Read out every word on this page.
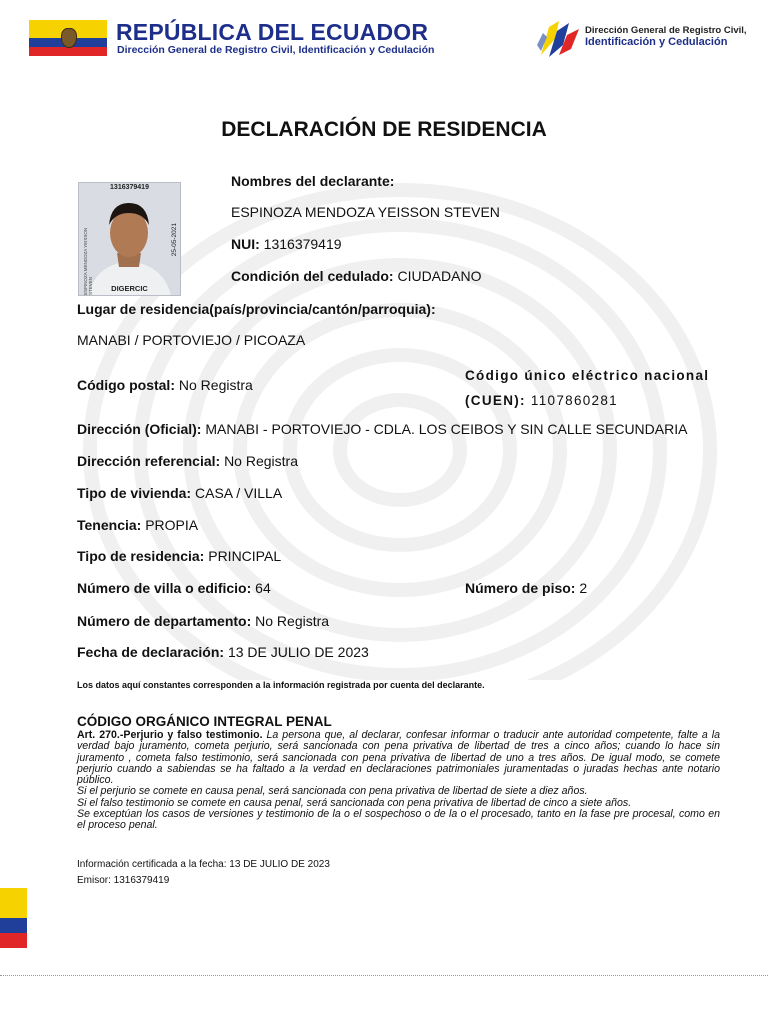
REPÚBLICA DEL ECUADOR
Dirección General de Registro Civil, Identificación y Cedulación
Dirección General de Registro Civil,
Identificación y Cedulación
DECLARACIÓN DE RESIDENCIA
1316379419
ESPINOZA MENDOZA YEISSON STEVEN
25-05-2021
DIGERCIC
Nombres del declarante:
ESPINOZA MENDOZA YEISSON STEVEN
NUI: 1316379419
Condición del cedulado: CIUDADANO
Lugar de residencia(país/provincia/cantón/parroquia):
MANABI / PORTOVIEJO / PICOAZA
Código postal: No Registra
Código único eléctrico nacional (CUEN): 1107860281
Dirección (Oficial): MANABI - PORTOVIEJO - CDLA. LOS CEIBOS Y SIN CALLE SECUNDARIA
Dirección referencial: No Registra
Tipo de vivienda: CASA / VILLA
Tenencia: PROPIA
Tipo de residencia: PRINCIPAL
Número de villa o edificio: 64	Número de piso: 2
Número de departamento: No Registra
Fecha de declaración: 13 DE JULIO DE 2023
Los datos aquí constantes corresponden a la información registrada por cuenta del declarante.
CÓDIGO ORGÁNICO INTEGRAL PENAL

Art. 270.-Perjurio y falso testimonio. La persona que, al declarar, confesar informar o traducir ante autoridad competente, falte a la verdad bajo juramento, cometa perjurio, será sancionada con pena privativa de libertad de tres a cinco años; cuando lo hace sin juramento , cometa falso testimonio, será sancionada con pena privativa de libertad de uno a tres años. De igual modo, se comete perjurio cuando a sabiendas se ha faltado a la verdad en declaraciones patrimoniales juramentadas o juradas hechas ante notario público.

Si el perjurio se comete en causa penal, será sancionada con pena privativa de libertad de siete a diez años.

Si el falso testimonio se comete en causa penal, será sancionada con pena privativa de libertad de cinco a siete años.

Se exceptúan los casos de versiones y testimonio de la o el sospechoso o de la o el procesado, tanto en la fase pre procesal, como en el proceso penal.

Información certificada a la fecha: 13 DE JULIO DE 2023
Emisor: 1316379419
